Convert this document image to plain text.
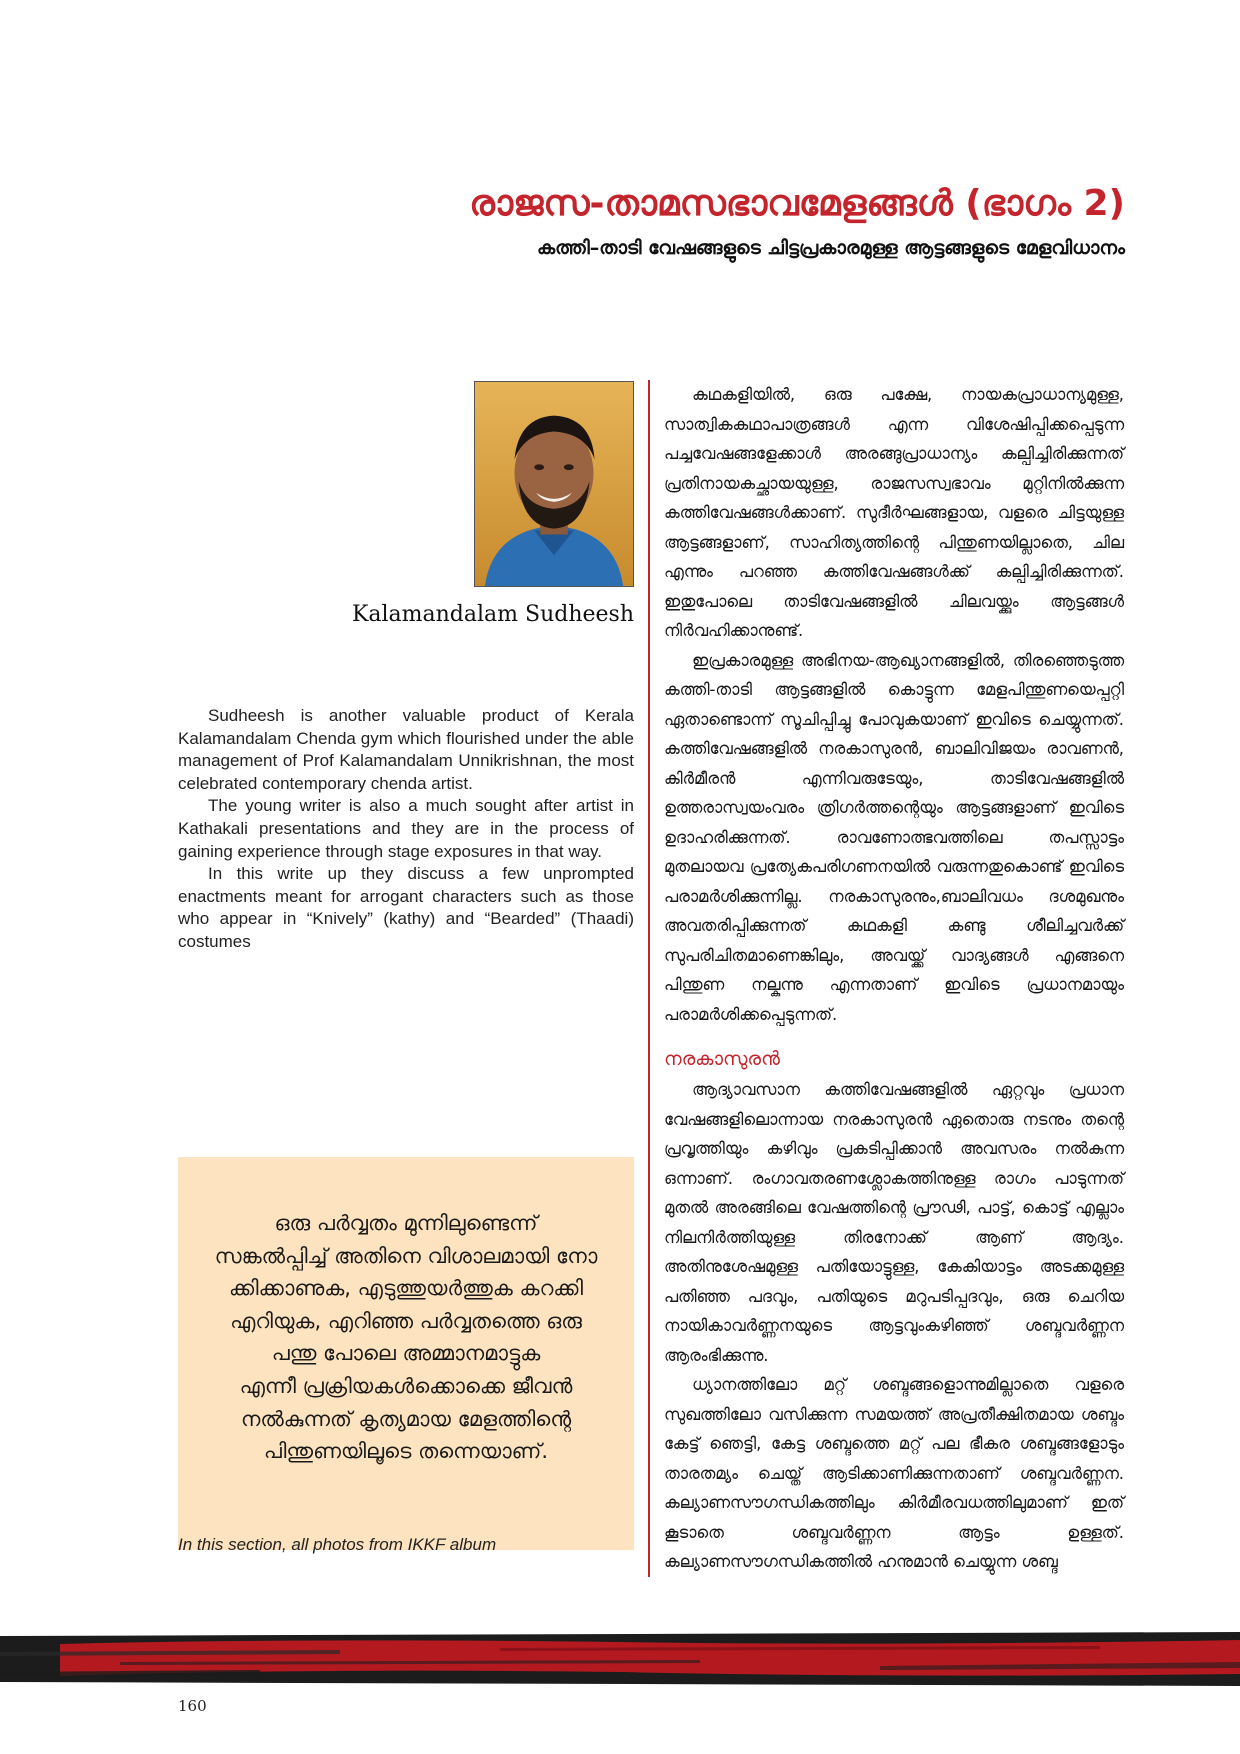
രാജസ-താമസഭാവമേളങ്ങൾ (ഭാഗം 2)
കത്തി–താടി വേഷങ്ങളുടെ ചിട്ടപ്രകാരമുള്ള ആട്ടങ്ങളുടെ മേളവിധാനം
Kalamandalam Sudheesh

Sudheesh is another valuable product of Kerala Kalamandalam Chenda gym which flourished under the able management of Prof Kalamandalam Unnikrishnan, the most celebrated contemporary chenda artist.

The young writer is also a much sought after artist in Kathakali presentations and they are in the process of gaining experience through stage exposures in that way.

In this write up they discuss a few unprompted enactments meant for arrogant characters such as those who appear in “Knively” (kathy) and “Bearded” (Thaadi) costumes

ഒരു പർവ്വതം മുന്നിലുണ്ടെന്ന്

സങ്കൽപ്പിച്ച് അതിനെ വിശാലമായി നോ

ക്കിക്കാണുക, എടുത്തുയർത്തുക കറക്കി

എറിയുക, എറിഞ്ഞ പർവ്വതത്തെ ഒരു

പന്തു പോലെ അമ്മാനമാട്ടുക

എന്നീ പ്രക്രിയകൾക്കൊക്കെ ജീവൻ

നൽകുന്നത് കൃത്യമായ മേളത്തിന്റെ

പിന്തുണയിലൂടെ തന്നെയാണ്.

In this section, all photos from IKKF album

കഥകളിയിൽ, ഒരു പക്ഷേ, നായകപ്രാധാന്യമുള്ള, സാത്വികകഥാപാത്രങ്ങൾ എന്ന വിശേഷിപ്പിക്കപ്പെടുന്ന പച്ചവേഷങ്ങളേക്കാൾ അരങ്ങുപ്രാധാന്യം കല്പിച്ചിരിക്കുന്നത് പ്രതിനായകച്ഛായയുള്ള, രാജസസ്വഭാവം മുറ്റിനിൽക്കുന്ന കത്തിവേഷങ്ങൾക്കാണ്. സുദീർഘങ്ങളായ, വളരെ ചിട്ടയുള്ള ആട്ടങ്ങളാണ്, സാഹിത്യത്തിന്റെ പിന്തുണയില്ലാതെ, ചില എന്നും പറഞ്ഞ കത്തിവേഷങ്ങൾക്ക് കല്പിച്ചിരിക്കുന്നത്. ഇതുപോലെ താടിവേഷങ്ങളിൽ ചിലവയ്ക്കും ആട്ടങ്ങൾ നിർവഹിക്കാനുണ്ട്.

ഇപ്രകാരമുള്ള അഭിനയ-ആഖ്യാനങ്ങളിൽ, തിരഞ്ഞെടുത്ത കത്തി-താടി ആട്ടങ്ങളിൽ കൊട്ടുന്ന മേളപിന്തുണയെപ്പറ്റി ഏതാണ്ടൊന്ന് സൂചിപ്പിച്ചു പോവുകയാണ് ഇവിടെ ചെയ്യുന്നത്. കത്തിവേഷങ്ങളിൽ നരകാസുരൻ, ബാലിവിജയം രാവണൻ, കിർമീരൻ എന്നിവരുടേയും, താടിവേഷങ്ങളിൽ ഉത്തരാസ്വയംവരം ത്രിഗർത്തന്റെയും ആട്ടങ്ങളാണ് ഇവിടെ ഉദാഹരിക്കുന്നത്. രാവണോത്ഭവത്തിലെ തപസ്സാട്ടം മുതലായവ പ്രത്യേകപരിഗണനയിൽ വരുന്നതുകൊണ്ട് ഇവിടെ പരാമർശിക്കുന്നില്ല. നരകാസുരനും,ബാലിവധം ദശമുഖനും അവതരിപ്പിക്കുന്നത് കഥകളി കണ്ടു ശീലിച്ചവർക്ക് സുപരിചിതമാണെങ്കിലും, അവയ്ക്ക് വാദ്യങ്ങൾ എങ്ങനെ പിന്തുണ നല്കുന്നു എന്നതാണ് ഇവിടെ പ്രധാനമായും പരാമർശിക്കപ്പെടുന്നത്.

നരകാസുരൻ

ആദ്യാവസാന കത്തിവേഷങ്ങളിൽ ഏറ്റവും പ്രധാന വേഷങ്ങളിലൊന്നായ നരകാസുരൻ ഏതൊരു നടനും തന്റെ പ്രവൃത്തിയും കഴിവും പ്രകടിപ്പിക്കാൻ അവസരം നൽകുന്ന ഒന്നാണ്. രംഗാവതരണശ്ലോകത്തിനുള്ള രാഗം പാടുന്നത് മുതൽ അരങ്ങിലെ വേഷത്തിന്റെ പ്രൗഢി, പാട്ട്, കൊട്ട് എല്ലാം നിലനിർത്തിയുള്ള തിരനോക്ക് ആണ് ആദ്യം. അതിനുശേഷമുള്ള പതിയോട്ടുള്ള, കേകിയാട്ടം അടക്കമുള്ള പതിഞ്ഞ പദവും, പതിയുടെ മറുപടിപ്പദവും, ഒരു ചെറിയ നായികാവർണ്ണനയുടെ ആട്ടവുംകഴിഞ്ഞ് ശബ്ദവർണ്ണന ആരംഭിക്കുന്നു.

ധ്യാനത്തിലോ മറ്റ് ശബ്ദങ്ങളൊന്നുമില്ലാതെ വളരെ സുഖത്തിലോ വസിക്കുന്ന സമയത്ത് അപ്രതീക്ഷിതമായ ശബ്ദം കേട്ട് ഞെട്ടി, കേട്ട ശബ്ദത്തെ മറ്റ് പല ഭീകര ശബ്ദങ്ങളോടും താരതമ്യം ചെയ്ത് ആടിക്കാണിക്കുന്നതാണ് ശബ്ദവർണ്ണന. കല്യാണസൗഗന്ധികത്തിലും കിർമീരവധത്തിലുമാണ് ഇത് കൂടാതെ ശബ്ദവർണ്ണന ആട്ടം ഉള്ളത്. കല്യാണസൗഗന്ധികത്തിൽ ഹനുമാൻ ചെയ്യുന്ന ശബ്ദ

160
